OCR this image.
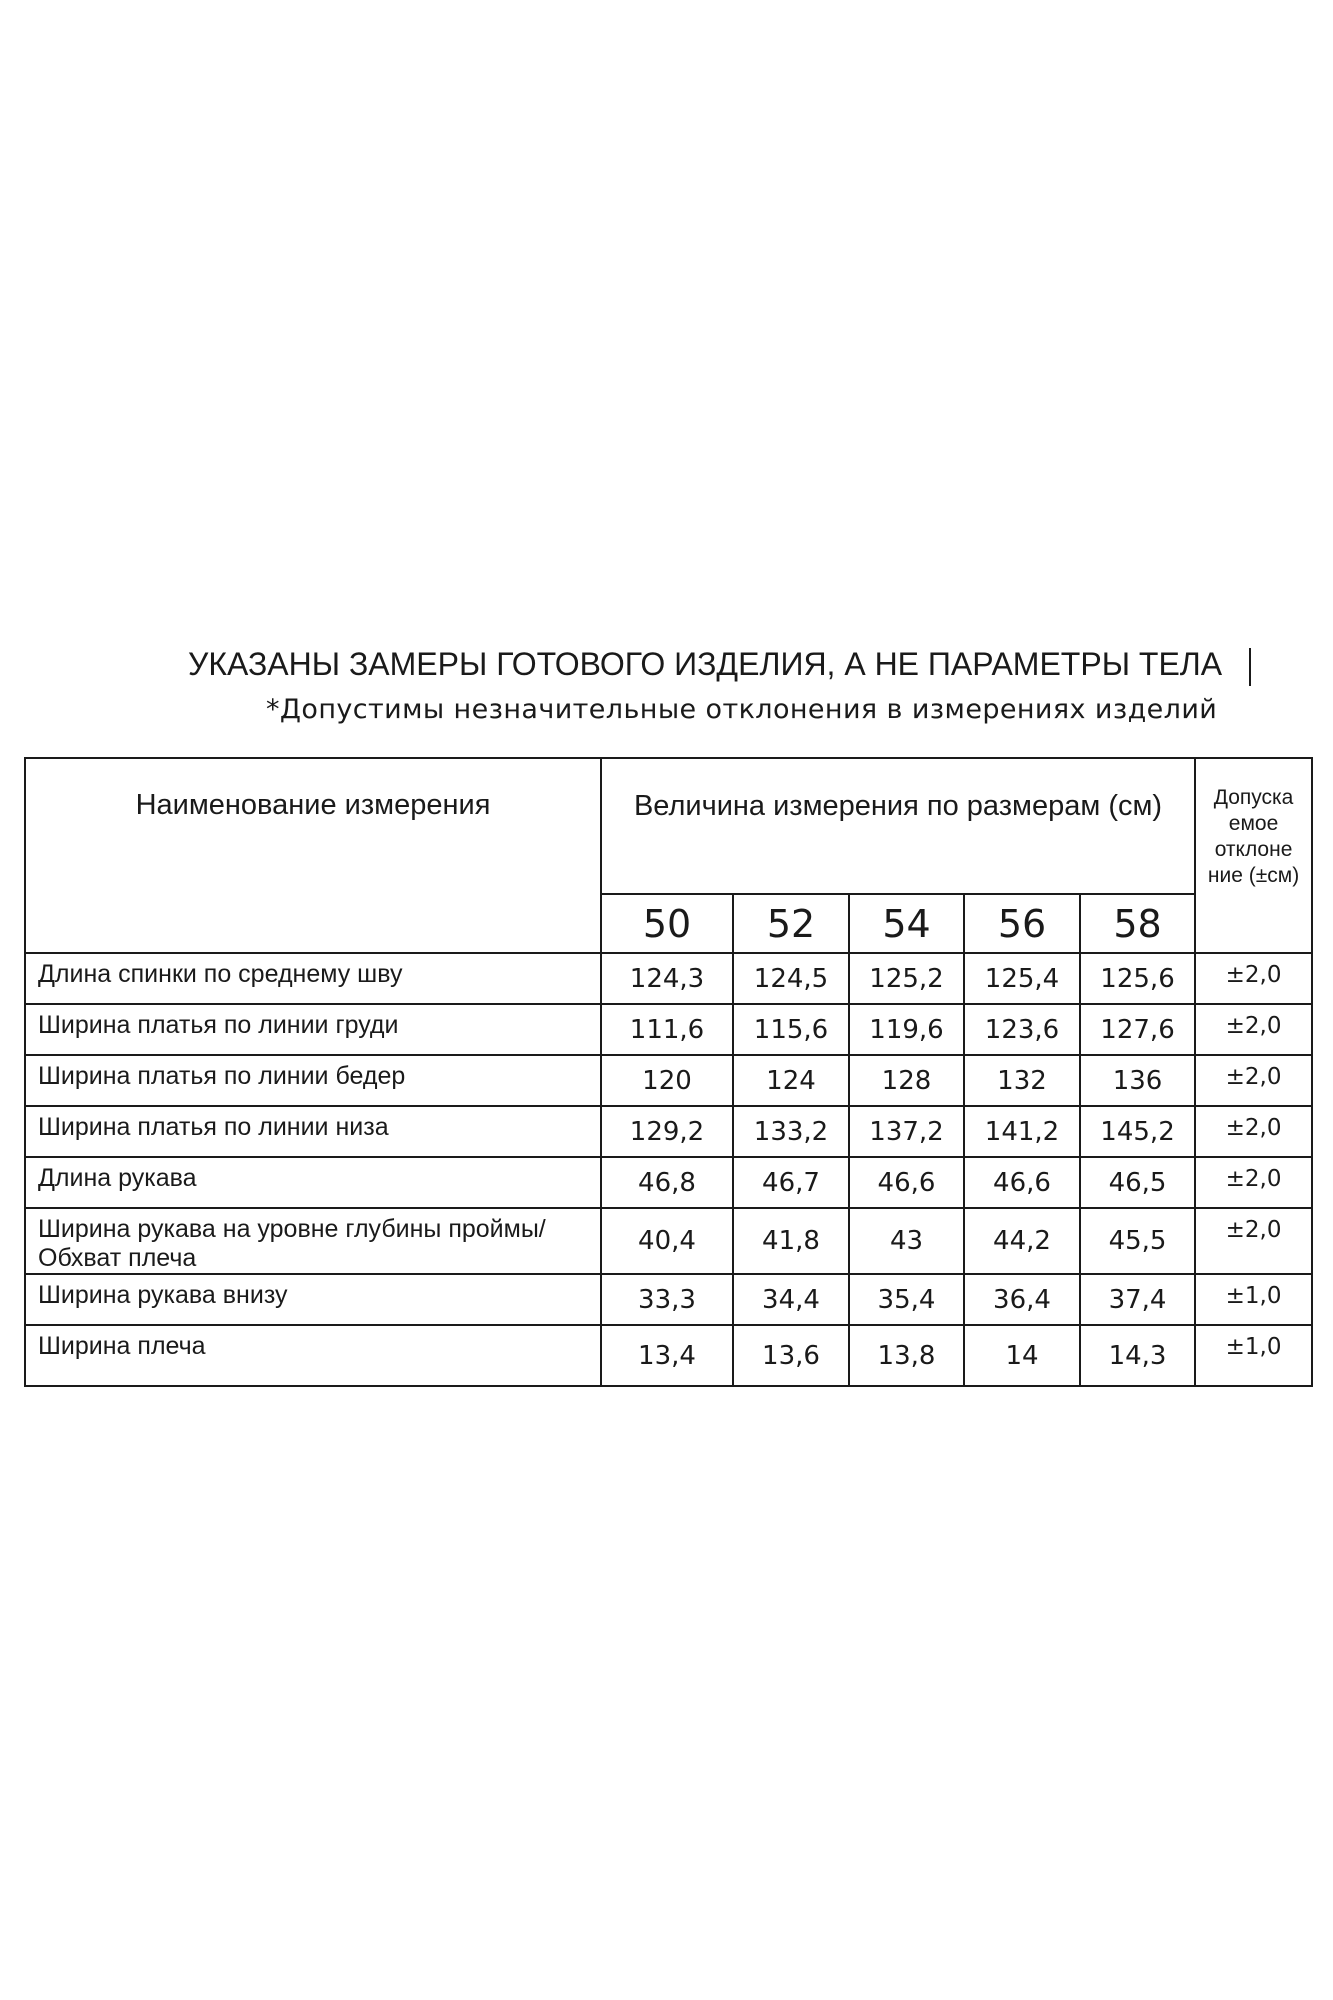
УКАЗАНЫ ЗАМЕРЫ ГОТОВОГО ИЗДЕЛИЯ, А НЕ ПАРАМЕТРЫ ТЕЛА
*Допустимы незначительные отклонения в измерениях изделий
Наименование измерения	Величина измерения по размерам (см)					Допуска емое отклоне ние (±см)
	50	52	54	56	58	
Длина спинки по среднему шву	124,3	124,5	125,2	125,4	125,6	±2,0
Ширина платья по линии груди	111,6	115,6	119,6	123,6	127,6	±2,0
Ширина платья по линии бедер	120	124	128	132	136	±2,0
Ширина платья по линии низа	129,2	133,2	137,2	141,2	145,2	±2,0
Длина рукава	46,8	46,7	46,6	46,6	46,5	±2,0
Ширина рукава на уровне глубины проймы/Обхват плеча	40,4	41,8	43	44,2	45,5	±2,0
Ширина рукава внизу	33,3	34,4	35,4	36,4	37,4	±1,0
Ширина плеча	13,4	13,6	13,8	14	14,3	±1,0
